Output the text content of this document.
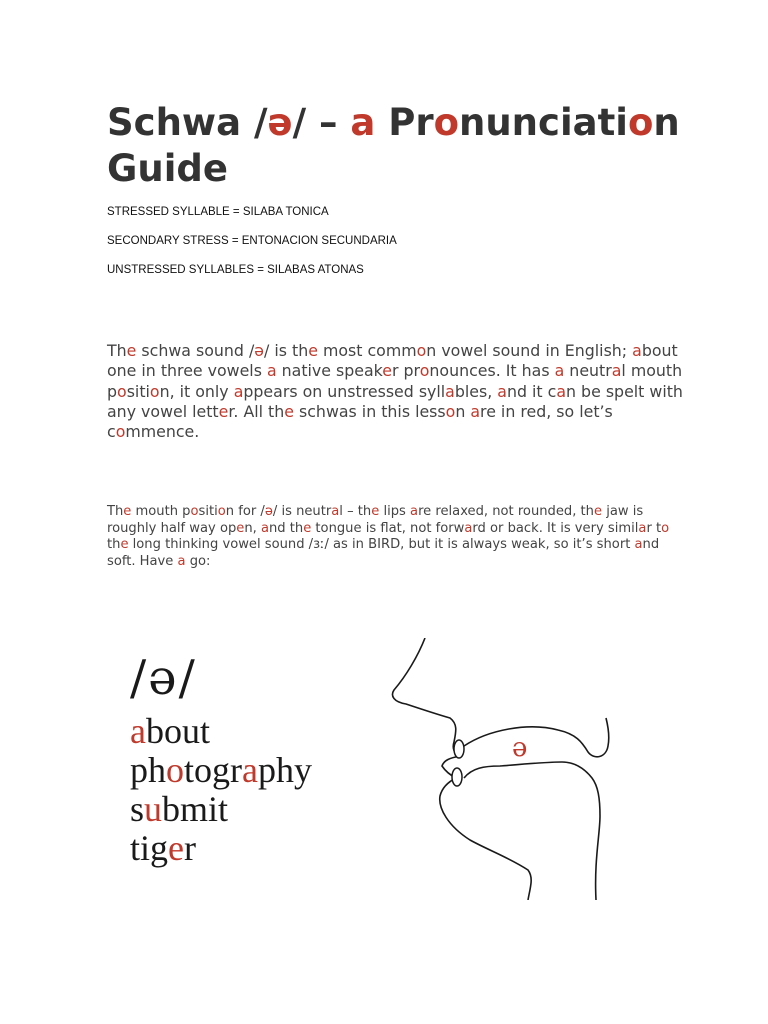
Schwa /ə/ – a Pronunciation Guide

STRESSED SYLLABLE = SILABA TONICA

SECONDARY STRESS = ENTONACION SECUNDARIA

UNSTRESSED SYLLABLES = SILABAS ATONAS

The schwa sound /ə/ is the most common vowel sound in English; about one in three vowels a native speaker pronounces. It has a neutral mouth position, it only appears on unstressed syllables, and it can be spelt with any vowel letter. All the schwas in this lesson are in red, so let’s commence.

The mouth position for /ə/ is neutral – the lips are relaxed, not rounded, the jaw is roughly half way open, and the tongue is flat, not forward or back. It is very similar to the long thinking vowel sound /ɜː/ as in BIRD, but it is always weak, so it’s short and soft. Have a go:

/ə/

about
photography
submit
tiger
ə
